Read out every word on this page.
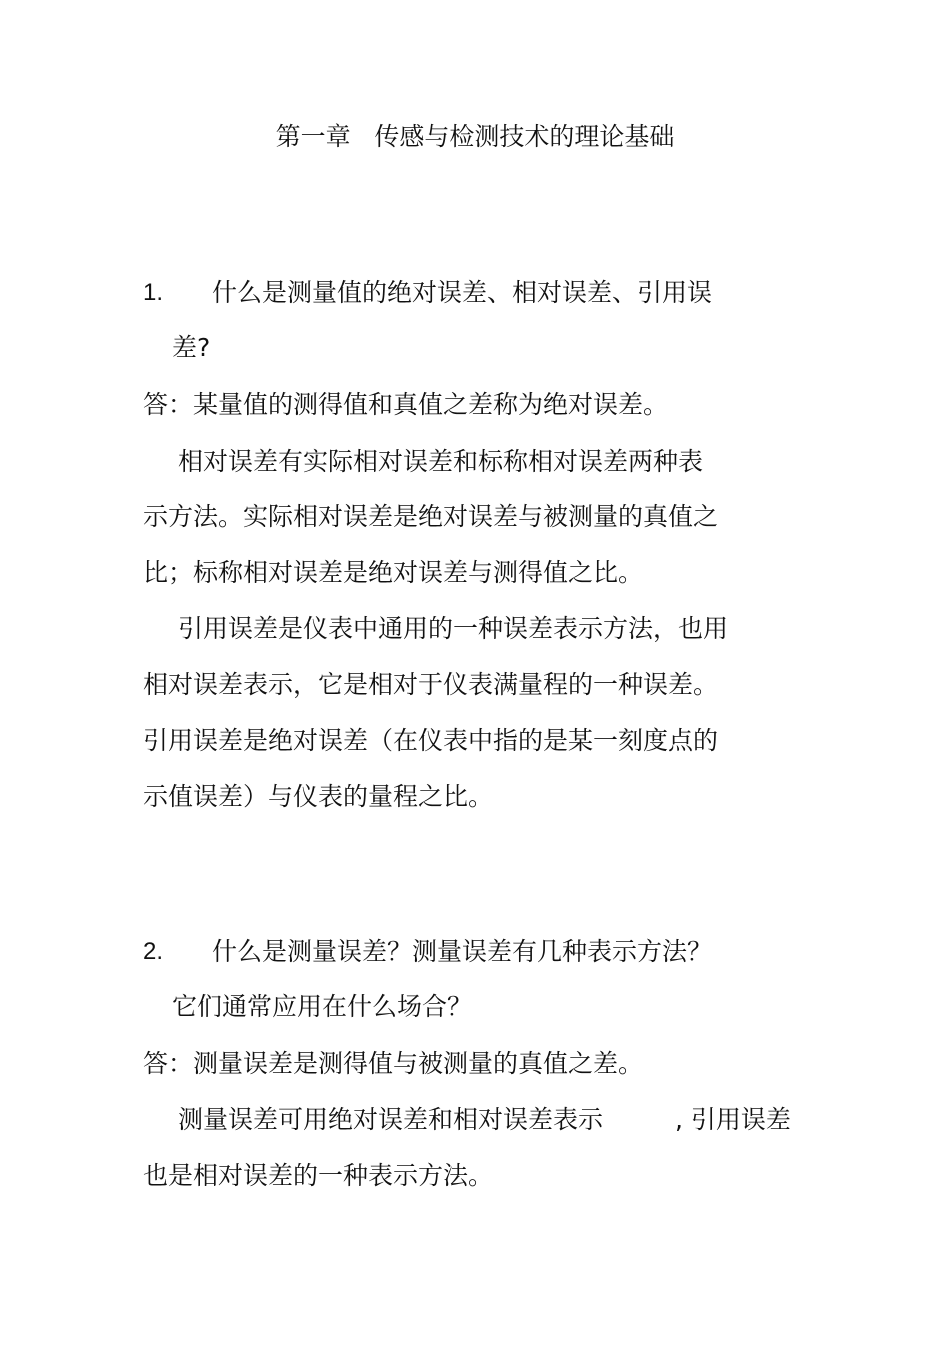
第一章   传感与检测技术的理论基础
1. 什么是测量值的绝对误差、相对误差、引用误
差?
答：某量值的测得值和真值之差称为绝对误差。
相对误差有实际相对误差和标称相对误差两种表
示方法。实际相对误差是绝对误差与被测量的真值之
比；标称相对误差是绝对误差与测得值之比。
引用误差是仪表中通用的一种误差表示方法，也用
相对误差表示，它是相对于仪表满量程的一种误差。
引用误差是绝对误差（在仪表中指的是某一刻度点的
示值误差）与仪表的量程之比。
2. 什么是测量误差？测量误差有几种表示方法？
它们通常应用在什么场合？
答：测量误差是测得值与被测量的真值之差。
测量误差可用绝对误差和相对误差表示	, 引用误差
也是相对误差的一种表示方法。
